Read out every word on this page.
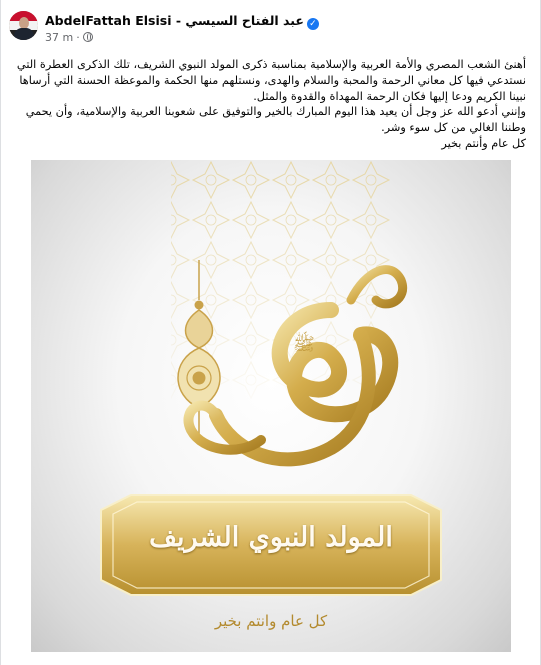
AbdelFattah Elsisi - عبد الفتاح السيسي ✓
37 m ·

أهنئ الشعب المصري والأمة العربية والإسلامية بمناسبة ذكرى المولد النبوي الشريف، تلك الذكرى العطرة التي نستدعي فيها كل معاني الرحمة والمحبة والسلام والهدى، ونستلهم منها الحكمة والموعظة الحسنة التي أرساها نبينا الكريم ودعا إليها فكان الرحمة المهداة والقدوة والمثل.

وإنني أدعو الله عز وجل أن يعيد هذا اليوم المبارك بالخير والتوفيق على شعوبنا العربية والإسلامية، وأن يحمي وطننا الغالي من كل سوء وشر.

كل عام وأنتم بخير

ﷺ
المولد النبوي الشريف
كل عام وانتم بخير
